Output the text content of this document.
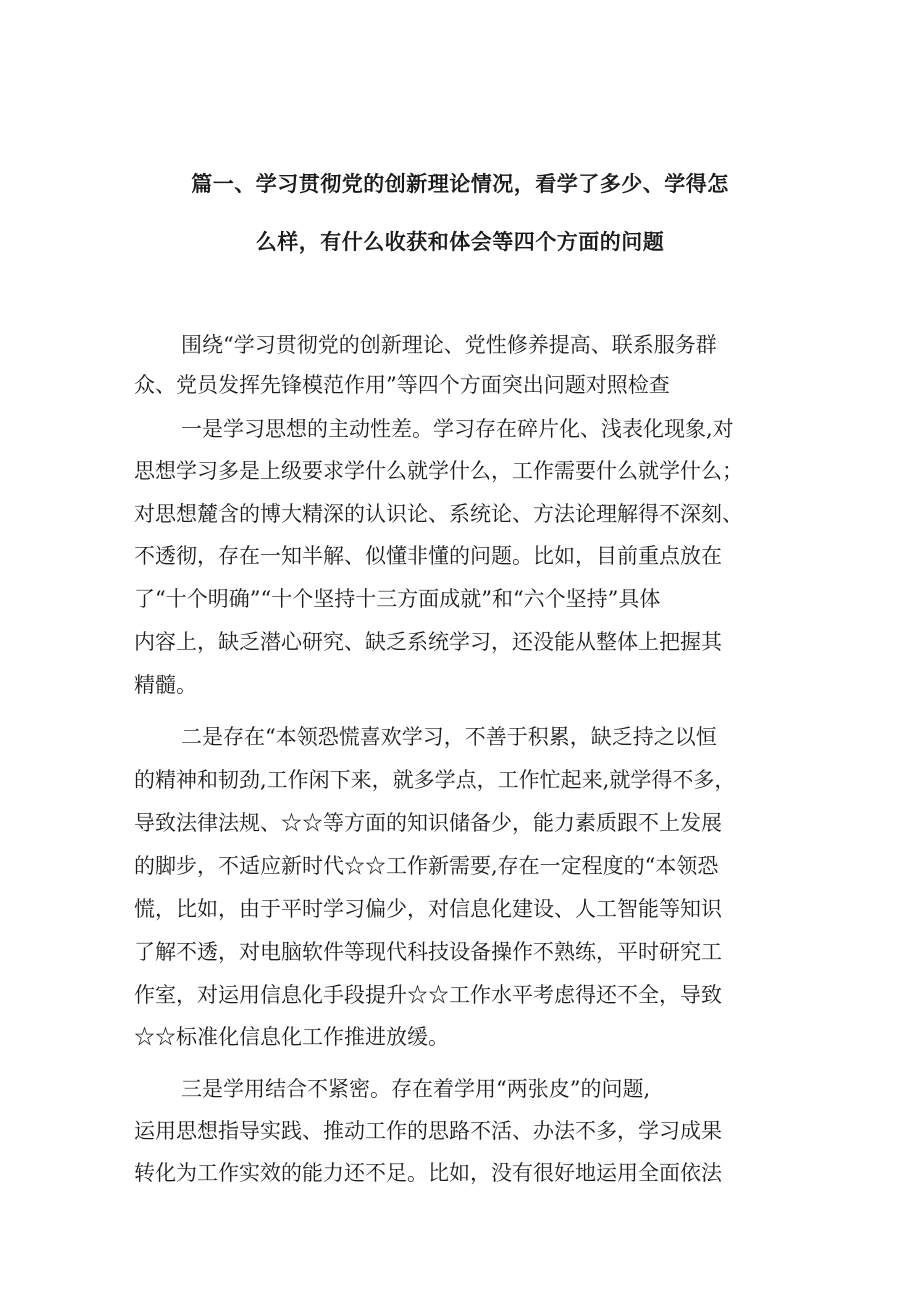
篇一、学习贯彻党的创新理论情况，看学了多少、学得怎
么样，有什么收获和体会等四个方面的问题
围绕“学习贯彻党的创新理论、党性修养提高、联系服务群
众、党员发挥先锋模范作用”等四个方面突出问题对照检查
一是学习思想的主动性差。学习存在碎片化、浅表化现象,对
思想学习多是上级要求学什么就学什么，工作需要什么就学什么；
对思想麓含的博大精深的认识论、系统论、方法论理解得不深刻、
不透彻，存在一知半解、似懂非懂的问题。比如，目前重点放在
了“十个明确”“十个坚持十三方面成就”和“六个坚持”具体
内容上，缺乏潜心研究、缺乏系统学习，还没能从整体上把握其
精髓。
二是存在“本领恐慌喜欢学习，不善于积累，缺乏持之以恒
的精神和韧劲,工作闲下来，就多学点，工作忙起来,就学得不多，
导致法律法规、☆☆等方面的知识储备少，能力素质跟不上发展
的脚步，不适应新时代☆☆工作新需要,存在一定程度的“本领恐
慌，比如，由于平时学习偏少，对信息化建设、人工智能等知识
了解不透，对电脑软件等现代科技设备操作不熟练，平时研究工
作室，对运用信息化手段提升☆☆工作水平考虑得还不全，导致
☆☆标准化信息化工作推进放缓。
三是学用结合不紧密。存在着学用“两张皮”的问题,
运用思想指导实践、推动工作的思路不活、办法不多，学习成果
转化为工作实效的能力还不足。比如，没有很好地运用全面依法
